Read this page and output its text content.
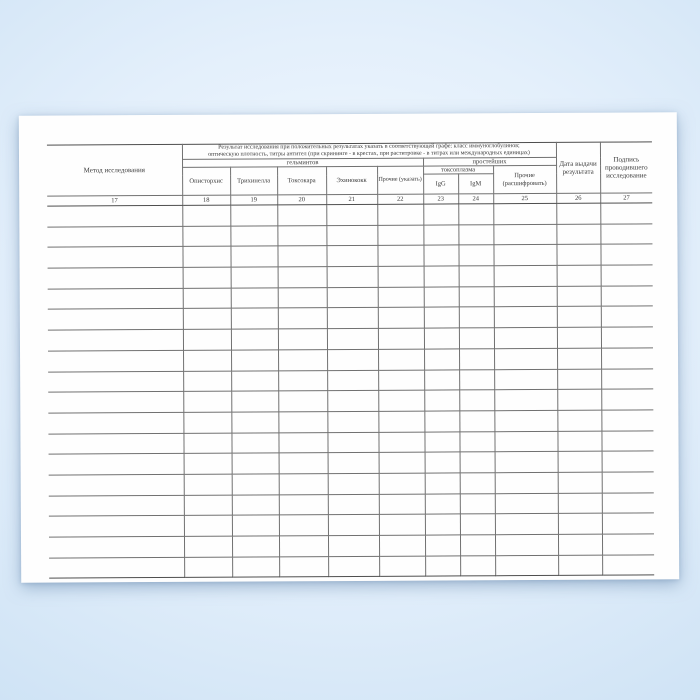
Метод исследования	Результат исследования при положительных результатах указать в соответствующей графе: класс иммуноглобулинов;
оптическую плотность, титры антител (при скрининге - в крестах, при раститровке - в титрах или международных единицах)								Дата выдачи результата	Подпись проводившего исследование
	гельминтов					простейших				
	Описторхис	Трихинелла	Токсокара	Эхинококк	Прочие (указать)	токсоплазма		Прочие (расшифровать)		
						IgG	IgM			
17	18	19	20	21	22	23	24	25	26	27
